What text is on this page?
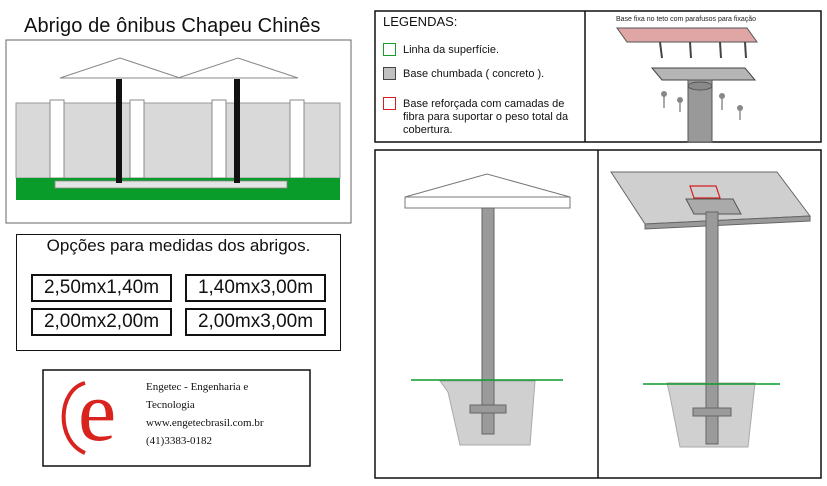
Abrigo de ônibus Chapeu Chinês
Opções para medidas dos abrigos.
2,50mx1,40m	1,40mx3,00m
2,00mx2,00m	2,00mx3,00m
LEGENDAS:
Linha da superfície.
Base chumbada ( concreto ).
Base reforçada com camadas de fibra para suportar o peso total da cobertura.
Base fixa no teto com parafusos para fixação
e	Engetec - Engenharia e
Tecnologia
www.engetecbrasil.com.br
(41)3383-0182
